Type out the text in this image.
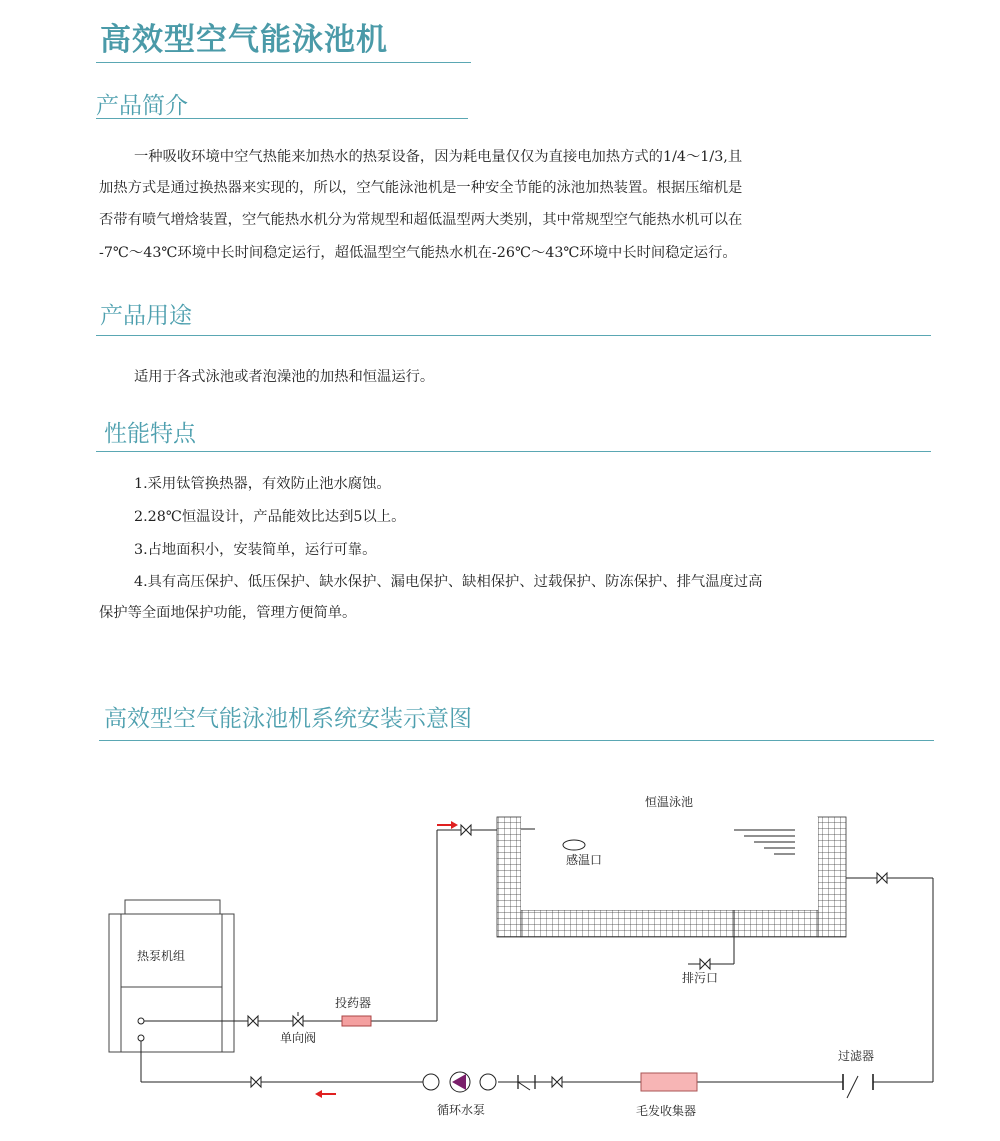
高效型空气能泳池机
产品简介
一种吸收环境中空气热能来加热水的热泵设备，因为耗电量仅仅为直接电加热方式的1/4～1/3,且
加热方式是通过换热器来实现的，所以，空气能泳池机是一种安全节能的泳池加热装置。根据压缩机是
否带有喷气增焓装置，空气能热水机分为常规型和超低温型两大类别，其中常规型空气能热水机可以在
-7℃～43℃环境中长时间稳定运行，超低温型空气能热水机在-26℃～43℃环境中长时间稳定运行。
产品用途
适用于各式泳池或者泡澡池的加热和恒温运行。
性能特点
1.采用钛管换热器，有效防止池水腐蚀。
2.28℃恒温设计，产品能效比达到5以上。
3.占地面积小，安装简单，运行可靠。
4.具有高压保护、低压保护、缺水保护、漏电保护、缺相保护、过载保护、防冻保护、排气温度过高
保护等全面地保护功能，管理方便简单。
高效型空气能泳池机系统安装示意图
恒温泳池
感温口
排污口
热泵机组
投药器
单向阀
循环水泵	毛发收集器
过滤器
